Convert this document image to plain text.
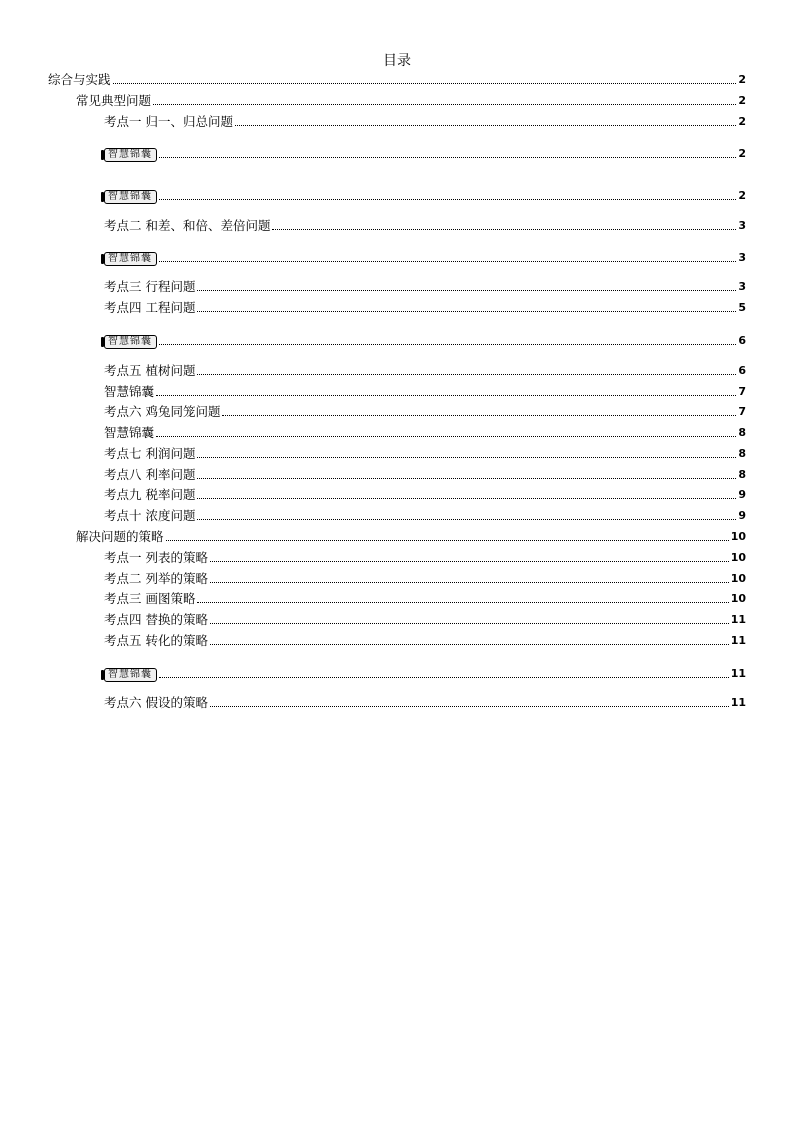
目录
综合与实践	2
常见典型问题	2
考点一 归一、归总问题	2
智慧锦囊	2
智慧锦囊	2
考点二 和差、和倍、差倍问题	3
智慧锦囊	3
考点三 行程问题	3
考点四 工程问题	5
智慧锦囊	6
考点五 植树问题	6
智慧锦囊	7
考点六 鸡兔同笼问题	7
智慧锦囊	8
考点七 利润问题	8
考点八 利率问题	8
考点九 税率问题	9
考点十 浓度问题	9
解决问题的策略	10
考点一 列表的策略	10
考点二 列举的策略	10
考点三 画图策略	10
考点四 替换的策略	11
考点五 转化的策略	11
智慧锦囊	11
考点六 假设的策略	11
